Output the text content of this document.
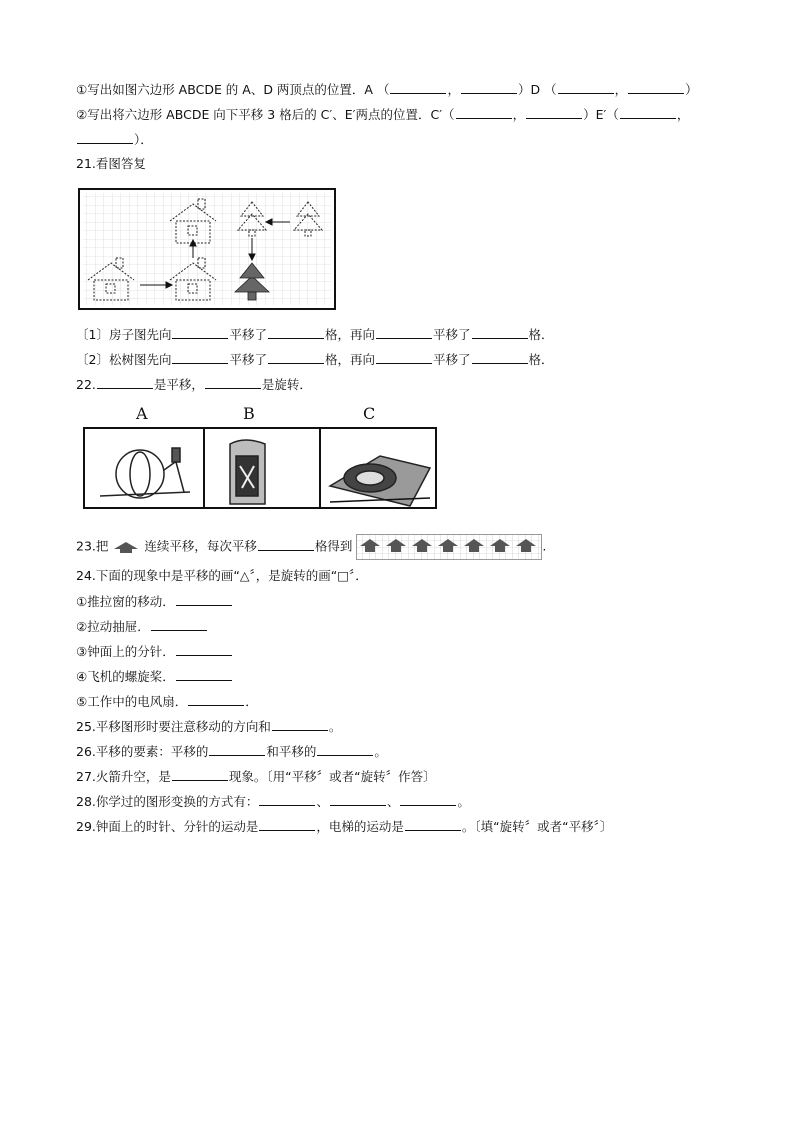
①写出如图六边形 ABCDE 的 A、D 两顶点的位置．A （	，	）D （	，	）
②写出将六边形 ABCDE 向下平移 3 格后的 C′、E′两点的位置．C′（	，	）E′（	，
）．
21.看图答复
〔1〕房子图先向	平移了	格，再向	平移了	格．
〔2〕松树图先向	平移了	格，再向	平移了	格．
22.	是平移，	是旋转．
A	B	C
23.把	连续平移，每次平移	格得到	.
24.下面的现象中是平移的画“△〞，是旋转的画“□〞．
①推拉窗的移动．
②拉动抽屉．
③钟面上的分针．
④飞机的螺旋桨．
⑤工作中的电风扇．	．
25.平移图形时要注意移动的方向和	。
26.平移的要素：平移的	和平移的	。
27.火箭升空，是	现象。〔用“平移〞或者“旋转〞作答〕
28.你学过的图形变换的方式有：	、	、	。
29.钟面上的时针、分针的运动是	，电梯的运动是	。〔填“旋转〞或者“平移〞〕
